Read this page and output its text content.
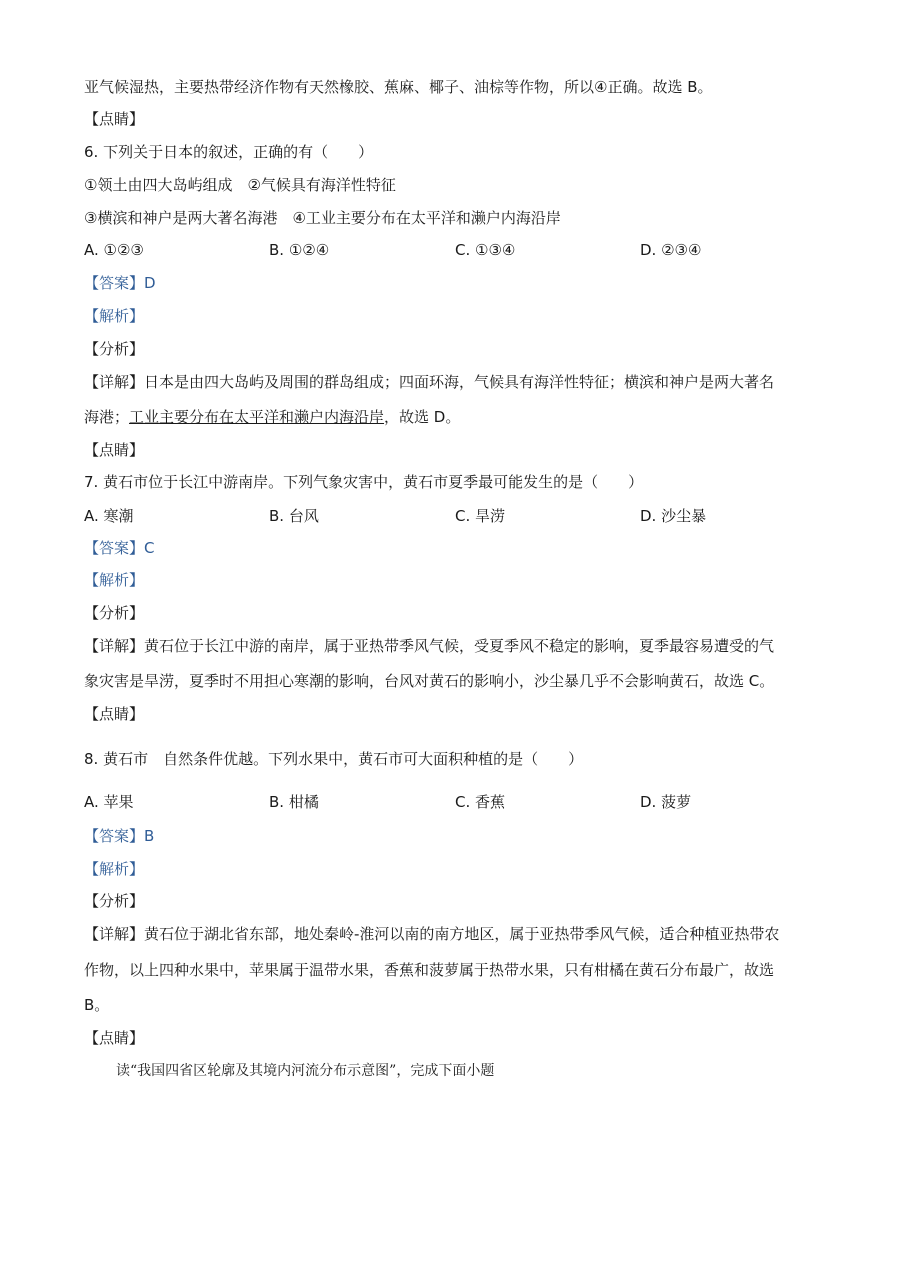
亚气候湿热，主要热带经济作物有天然橡胶、蕉麻、椰子、油棕等作物，所以④正确。故选 B。
【点睛】
6. 下列关于日本的叙述，正确的有（　　）
①领土由四大岛屿组成　②气候具有海洋性特征
③横滨和神户是两大著名海港　④工业主要分布在太平洋和濑户内海沿岸
A. ①②③	B. ①②④	C. ①③④	D. ②③④
【答案】D
【解析】
【分析】
【详解】日本是由四大岛屿及周围的群岛组成；四面环海，气候具有海洋性特征；横滨和神户是两大著名
海港；工业主要分布在太平洋和濑户内海沿岸，故选 D。
【点睛】
7. 黄石市位于长江中游南岸。下列气象灾害中，黄石市夏季最可能发生的是（　　）
A. 寒潮	B. 台风	C. 旱涝	D. 沙尘暴
【答案】C
【解析】
【分析】
【详解】黄石位于长江中游的南岸，属于亚热带季风气候，受夏季风不稳定的影响，夏季最容易遭受的气
象灾害是旱涝，夏季时不用担心寒潮的影响，台风对黄石的影响小，沙尘暴几乎不会影响黄石，故选 C。
【点睛】
8. 黄石市　自然条件优越。下列水果中，黄石市可大面积种植的是（　　）
A. 苹果	B. 柑橘	C. 香蕉	D. 菠萝
【答案】B
【解析】
【分析】
【详解】黄石位于湖北省东部，地处秦岭-淮河以南的南方地区，属于亚热带季风气候，适合种植亚热带农
作物，以上四种水果中，苹果属于温带水果，香蕉和菠萝属于热带水果，只有柑橘在黄石分布最广，故选
B。
【点睛】
读“我国四省区轮廓及其境内河流分布示意图”，完成下面小题
